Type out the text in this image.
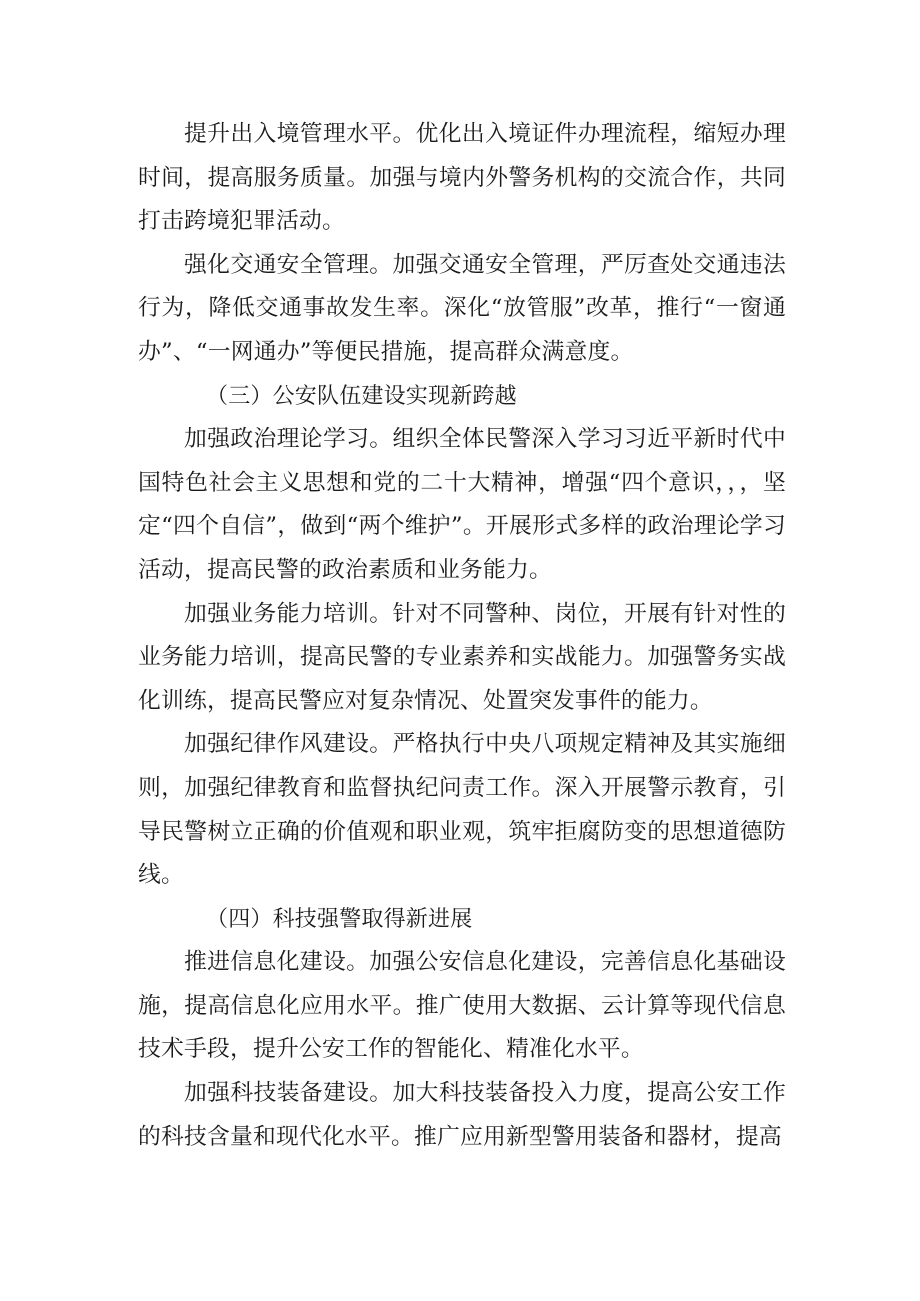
提升出入境管理水平。优化出入境证件办理流程，缩短办理时间，提高服务质量。加强与境内外警务机构的交流合作，共同打击跨境犯罪活动。

强化交通安全管理。加强交通安全管理，严厉查处交通违法行为，降低交通事故发生率。深化“放管服”改革，推行“一窗通办”、“一网通办”等便民措施，提高群众满意度。

（三）公安队伍建设实现新跨越

加强政治理论学习。组织全体民警深入学习习近平新时代中国特色社会主义思想和党的二十大精神，增强“四个意识，，，坚定“四个自信”，做到“两个维护”。开展形式多样的政治理论学习活动，提高民警的政治素质和业务能力。

加强业务能力培训。针对不同警种、岗位，开展有针对性的业务能力培训，提高民警的专业素养和实战能力。加强警务实战化训练，提高民警应对复杂情况、处置突发事件的能力。

加强纪律作风建设。严格执行中央八项规定精神及其实施细则，加强纪律教育和监督执纪问责工作。深入开展警示教育，引导民警树立正确的价值观和职业观，筑牢拒腐防变的思想道德防线。

（四）科技强警取得新进展

推进信息化建设。加强公安信息化建设，完善信息化基础设施，提高信息化应用水平。推广使用大数据、云计算等现代信息技术手段，提升公安工作的智能化、精准化水平。

加强科技装备建设。加大科技装备投入力度，提高公安工作的科技含量和现代化水平。推广应用新型警用装备和器材，提高
